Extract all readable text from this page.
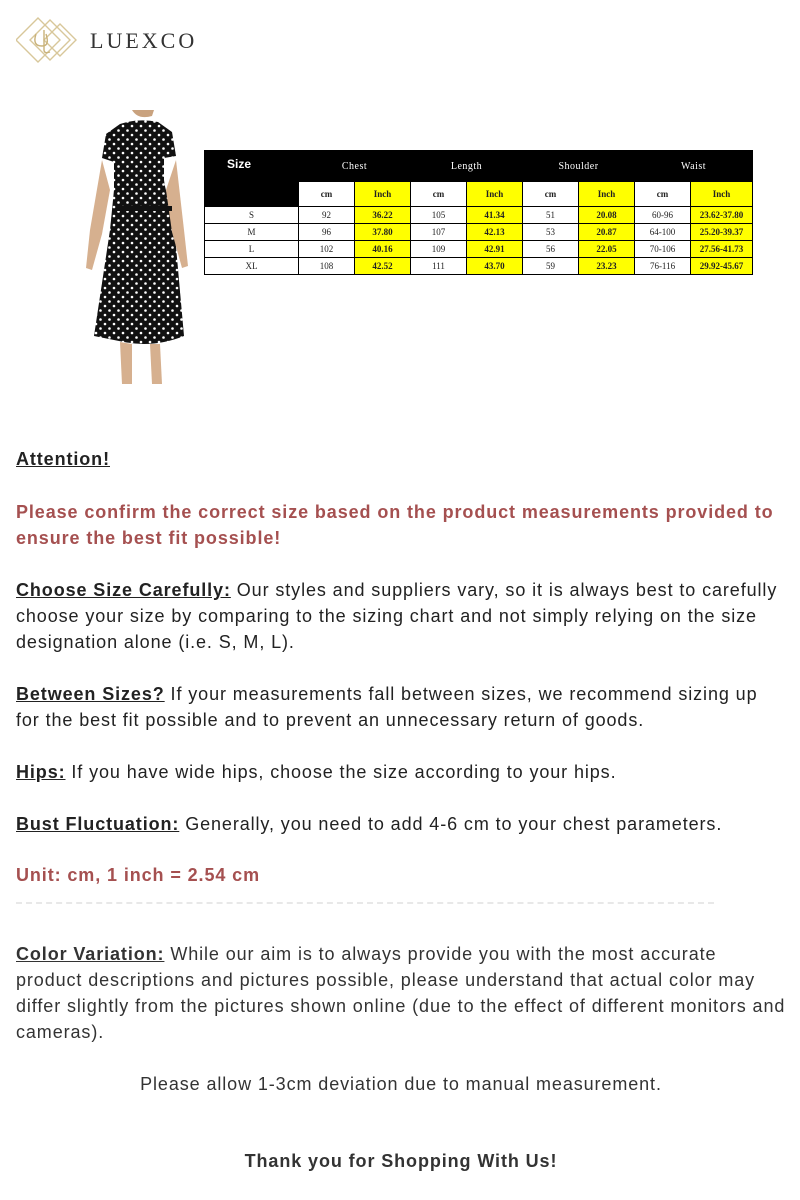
LUEXCO
Size	Chest		Length		Shoulder		Waist	
	cm	Inch	cm	Inch	cm	Inch	cm	Inch
S	92	36.22	105	41.34	51	20.08	60-96	23.62-37.80
M	96	37.80	107	42.13	53	20.87	64-100	25.20-39.37
L	102	40.16	109	42.91	56	22.05	70-106	27.56-41.73
XL	108	42.52	111	43.70	59	23.23	76-116	29.92-45.67
Attention!
Please confirm the correct size based on the product measurements provided to ensure the best fit possible!
Choose Size Carefully: Our styles and suppliers vary, so it is always best to carefully choose your size by comparing to the sizing chart and not simply relying on the size designation alone (i.e. S, M, L).
Between Sizes? If your measurements fall between sizes, we recommend sizing up for the best fit possible and to prevent an unnecessary return of goods.
Hips: If you have wide hips, choose the size according to your hips.
Bust Fluctuation: Generally, you need to add 4-6 cm to your chest parameters.
Unit: cm, 1 inch = 2.54 cm
Color Variation: While our aim is to always provide you with the most accurate product descriptions and pictures possible, please understand that actual color may differ slightly from the pictures shown online (due to the effect of different monitors and cameras).
Please allow 1-3cm deviation due to manual measurement.
Thank you for Shopping With Us!
